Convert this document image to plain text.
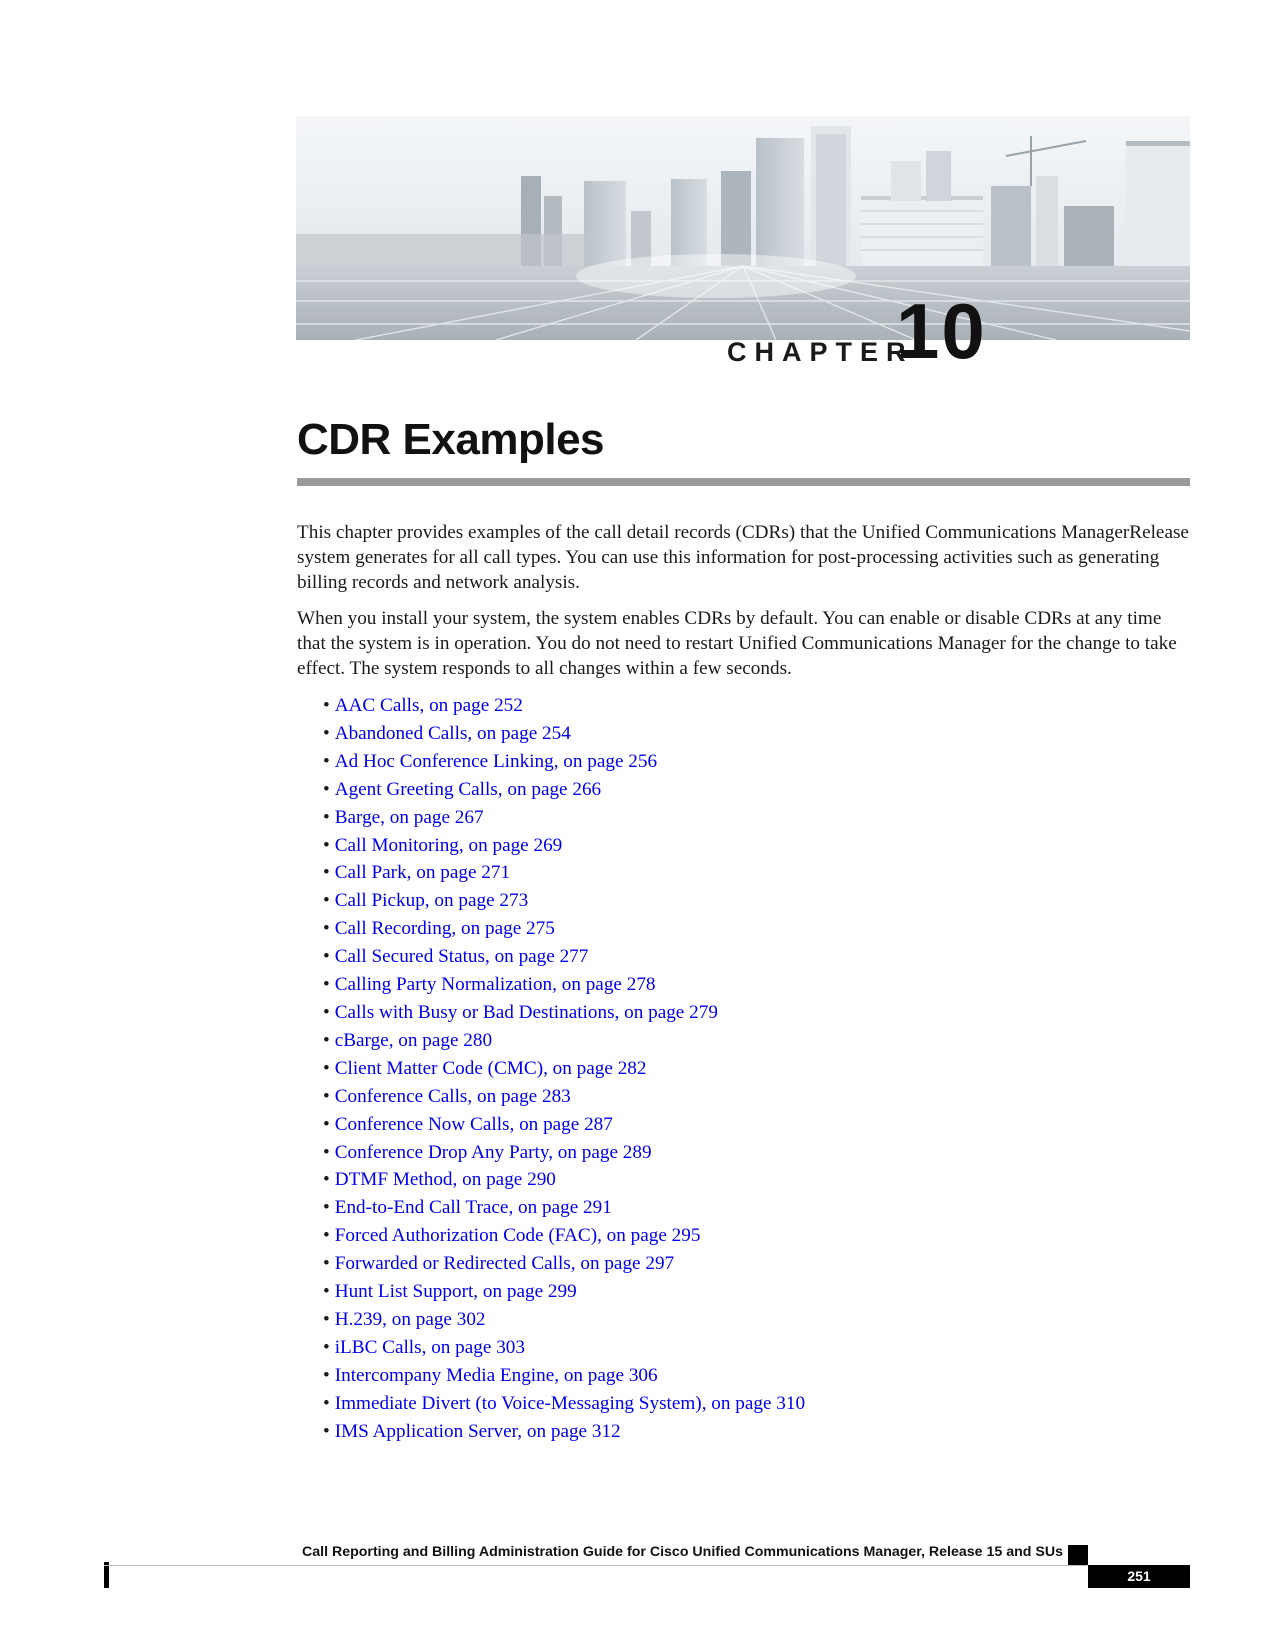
CHAPTER
10
CDR Examples

This chapter provides examples of the call detail records (CDRs) that the Unified Communications ManagerRelease system generates for all call types. You can use this information for post-processing activities such as generating billing records and network analysis.

When you install your system, the system enables CDRs by default. You can enable or disable CDRs at any time that the system is in operation. You do not need to restart Unified Communications Manager for the change to take effect. The system responds to all changes within a few seconds.

• AAC Calls, on page 252
• Abandoned Calls, on page 254
• Ad Hoc Conference Linking, on page 256
• Agent Greeting Calls, on page 266
• Barge, on page 267
• Call Monitoring, on page 269
• Call Park, on page 271
• Call Pickup, on page 273
• Call Recording, on page 275
• Call Secured Status, on page 277
• Calling Party Normalization, on page 278
• Calls with Busy or Bad Destinations, on page 279
• cBarge, on page 280
• Client Matter Code (CMC), on page 282
• Conference Calls, on page 283
• Conference Now Calls, on page 287
• Conference Drop Any Party, on page 289
• DTMF Method, on page 290
• End-to-End Call Trace, on page 291
• Forced Authorization Code (FAC), on page 295
• Forwarded or Redirected Calls, on page 297
• Hunt List Support, on page 299
• H.239, on page 302
• iLBC Calls, on page 303
• Intercompany Media Engine, on page 306
• Immediate Divert (to Voice-Messaging System), on page 310
• IMS Application Server, on page 312
Call Reporting and Billing Administration Guide for Cisco Unified Communications Manager, Release 15 and SUs
251
